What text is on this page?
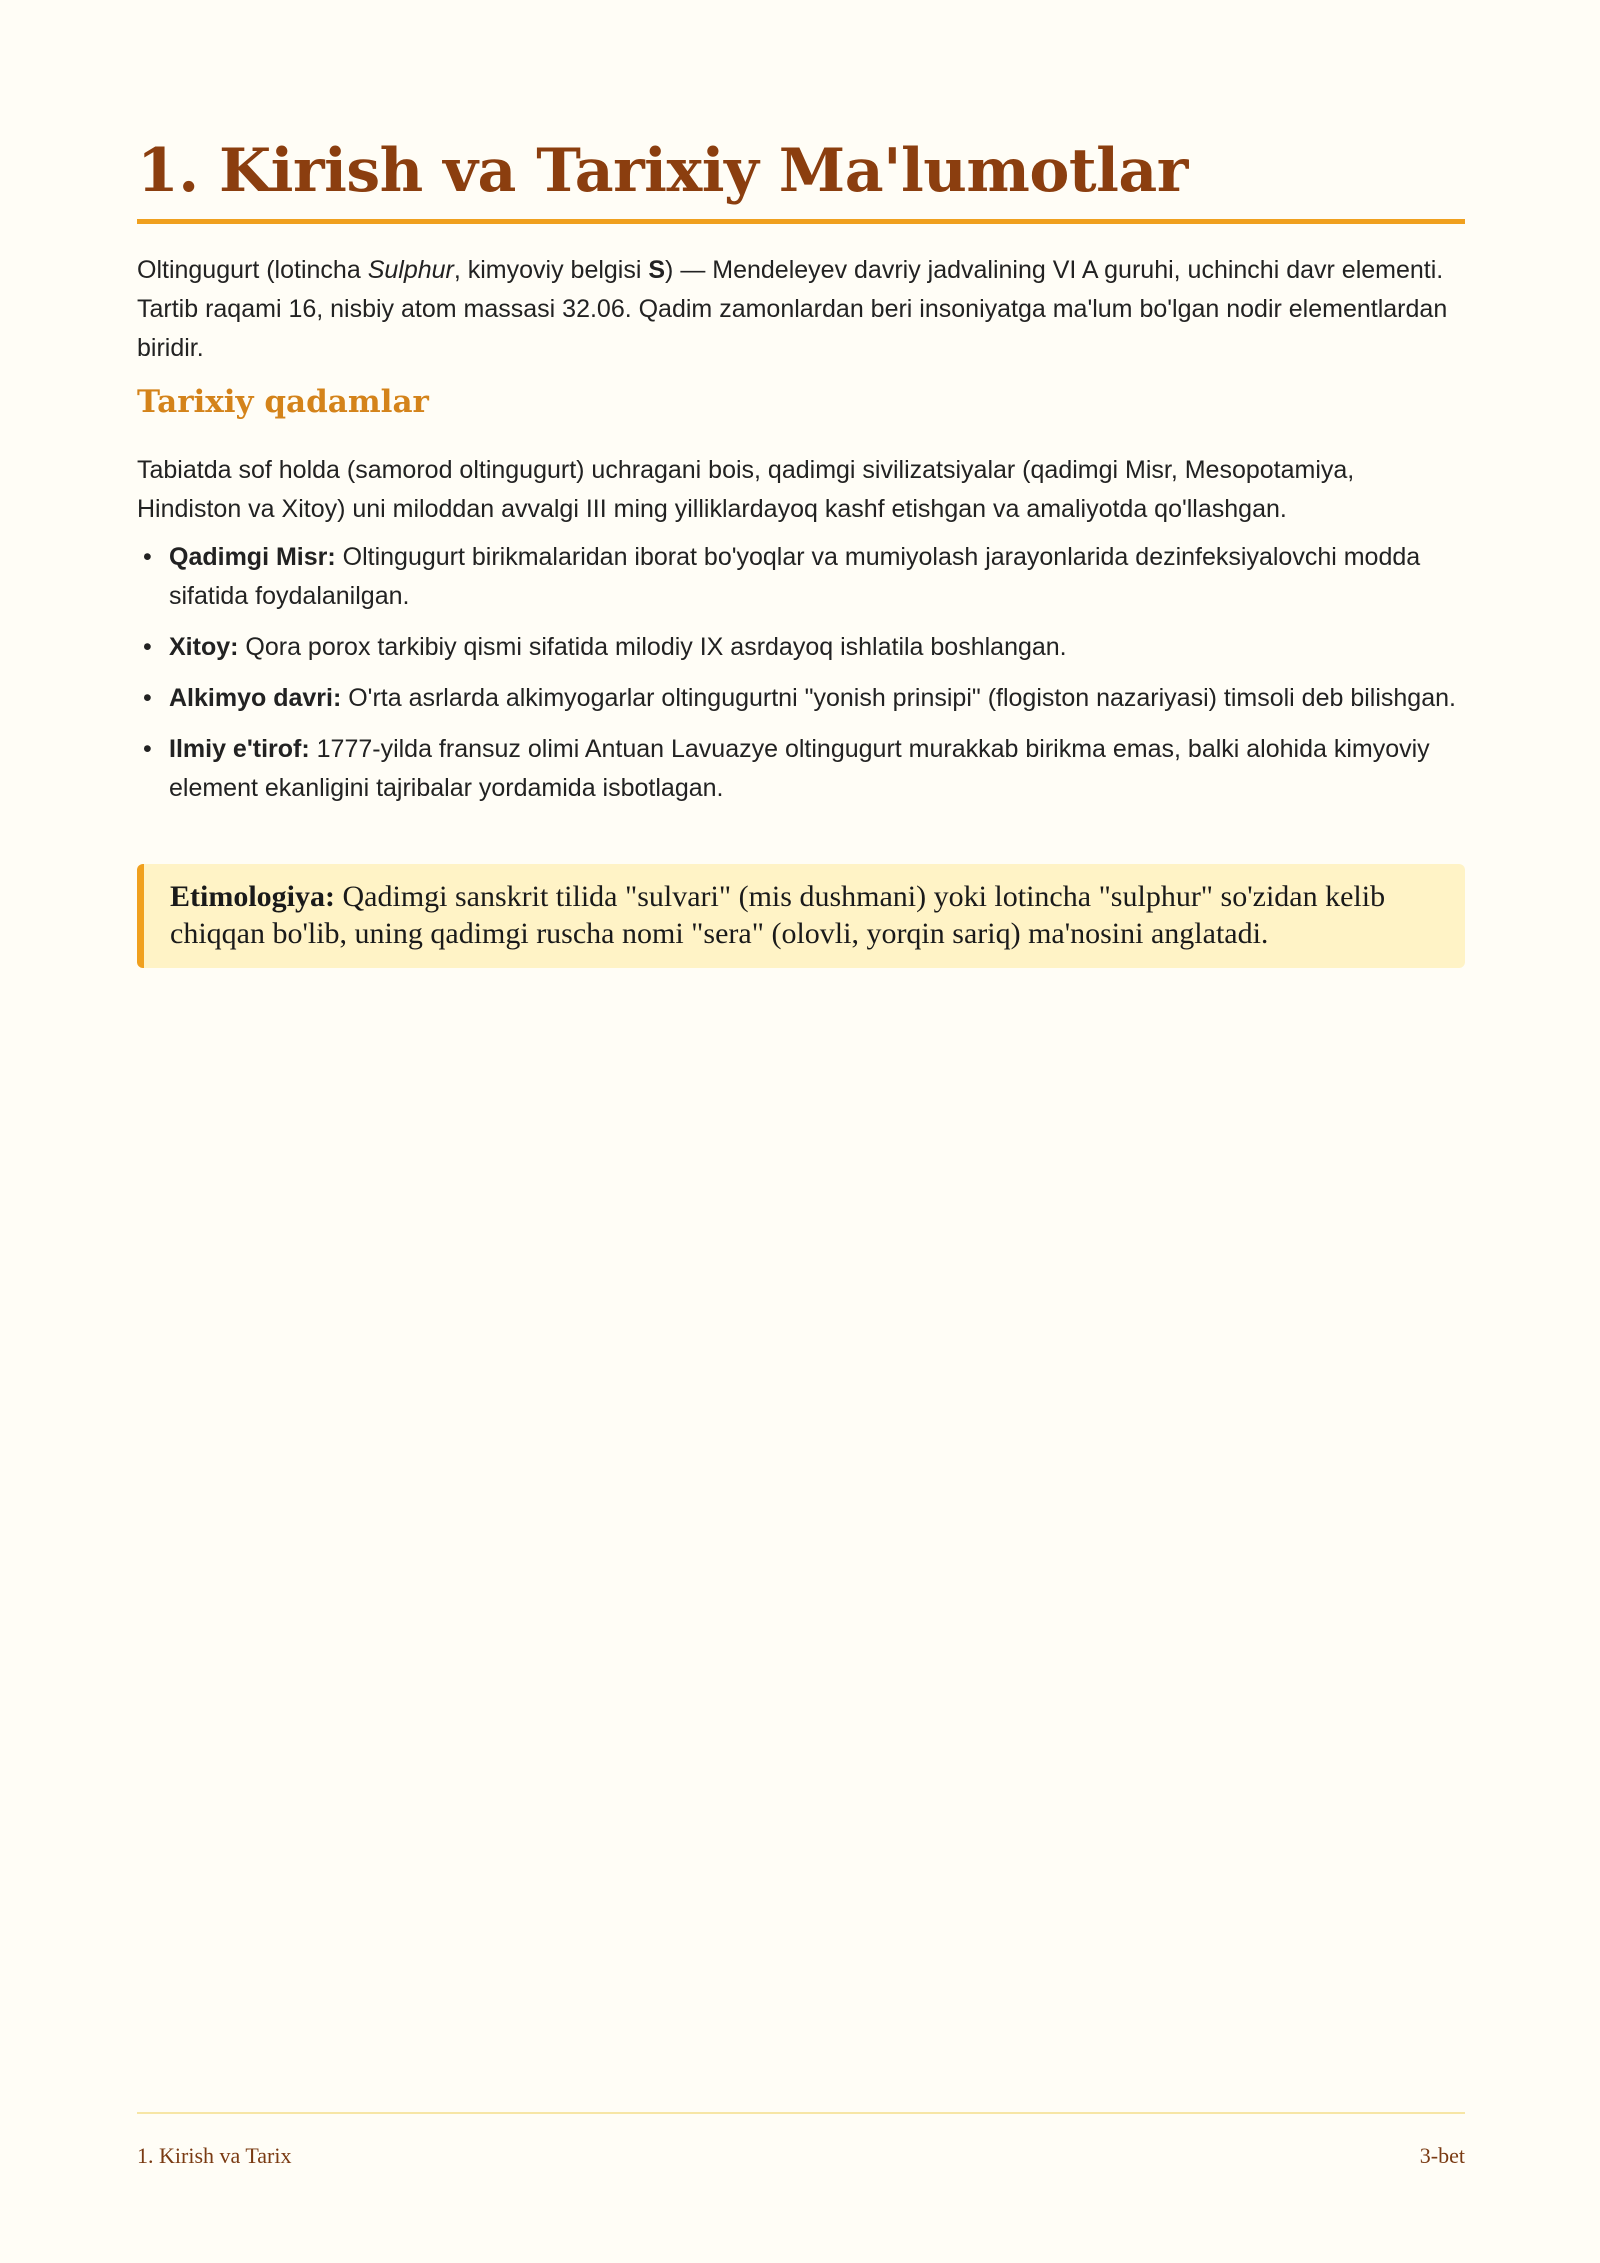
1. Kirish va Tarixiy Ma'lumotlar

Oltingugurt (lotincha Sulphur, kimyoviy belgisi S) — Mendeleyev davriy jadvalining VI A guruhi, uchinchi davr elementi. Tartib raqami 16, nisbiy atom massasi 32.06. Qadim zamonlardan beri insoniyatga ma'lum bo'lgan nodir elementlardan biridir.

Tarixiy qadamlar

Tabiatda sof holda (samorod oltingugurt) uchragani bois, qadimgi sivilizatsiyalar (qadimgi Misr, Mesopotamiya, Hindiston va Xitoy) uni miloddan avvalgi III ming yilliklardayoq kashf etishgan va amaliyotda qo'llashgan.

• Qadimgi Misr: Oltingugurt birikmalaridan iborat bo'yoqlar va mumiyolash jarayonlarida dezinfeksiyalovchi modda sifatida foydalanilgan.
• Xitoy: Qora porox tarkibiy qismi sifatida milodiy IX asrdayoq ishlatila boshlangan.
• Alkimyo davri: O'rta asrlarda alkimyogarlar oltingugurtni "yonish prinsipi" (flogiston nazariyasi) timsoli deb bilishgan.
• Ilmiy e'tirof: 1777-yilda fransuz olimi Antuan Lavuazye oltingugurt murakkab birikma emas, balki alohida kimyoviy element ekanligini tajribalar yordamida isbotlagan.
Etimologiya: Qadimgi sanskrit tilida "sulvari" (mis dushmani) yoki lotincha "sulphur" so'zidan kelib chiqqan bo'lib, uning qadimgi ruscha nomi "sera" (olovli, yorqin sariq) ma'nosini anglatadi.
1. Kirish va Tarix	3-bet
